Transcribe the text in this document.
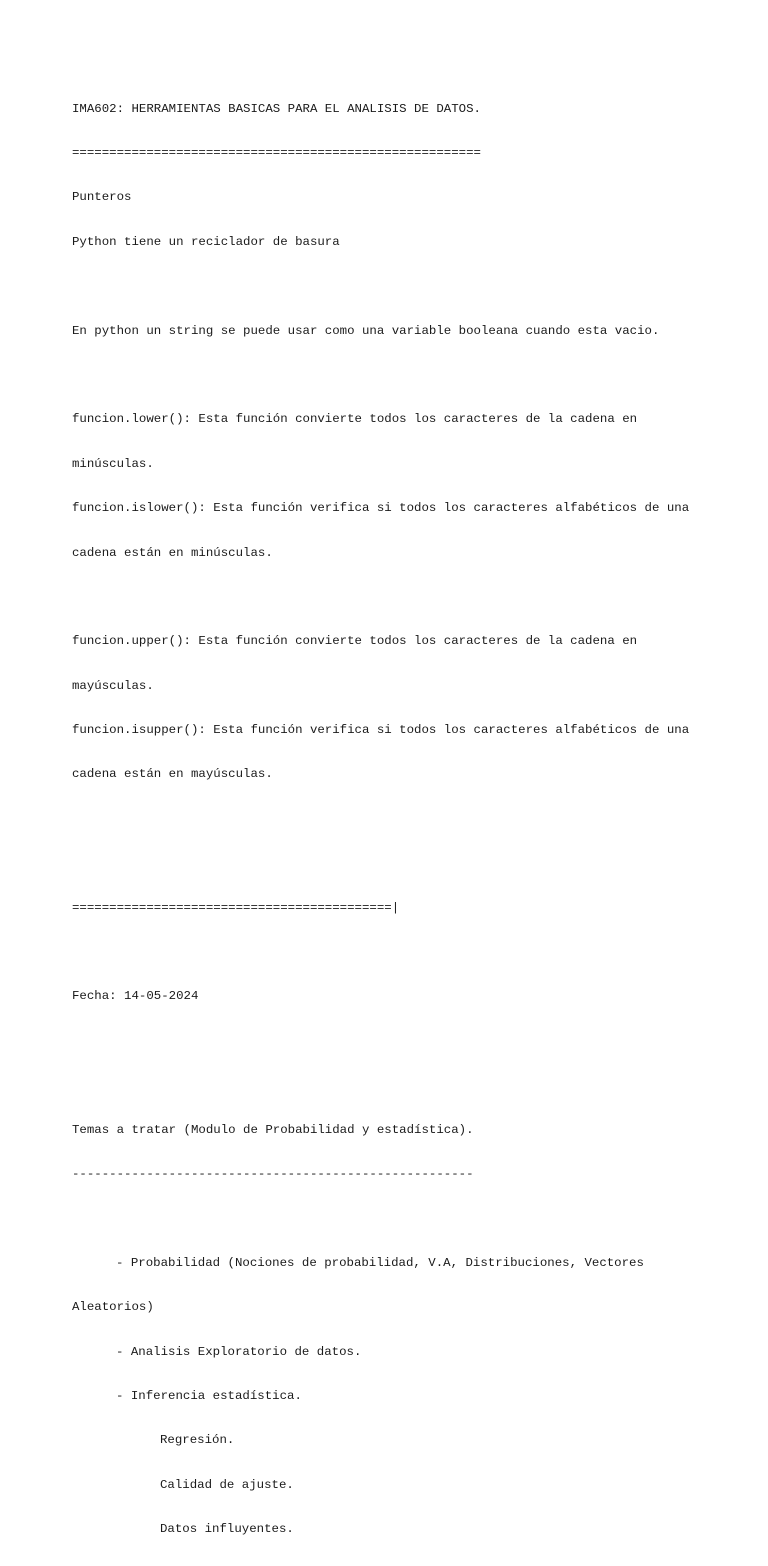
IMA602: HERRAMIENTAS BASICAS PARA EL ANALISIS DE DATOS.

=======================================================

Punteros

Python tiene un reciclador de basura

En python un string se puede usar como una variable booleana cuando esta vacio.

funcion.lower(): Esta función convierte todos los caracteres de la cadena en

minúsculas.

funcion.islower(): Esta función verifica si todos los caracteres alfabéticos de una

cadena están en minúsculas.

funcion.upper(): Esta función convierte todos los caracteres de la cadena en

mayúsculas.

funcion.isupper(): Esta función verifica si todos los caracteres alfabéticos de una

cadena están en mayúsculas.

===========================================|

Fecha: 14-05-2024

Temas a tratar (Modulo de Probabilidad y estadística).

------------------------------------------------------

- Probabilidad (Nociones de probabilidad, V.A, Distribuciones, Vectores

Aleatorios)

- Analisis Exploratorio de datos.

- Inferencia estadística.

Regresión.

Calidad de ajuste.

Datos influyentes.
